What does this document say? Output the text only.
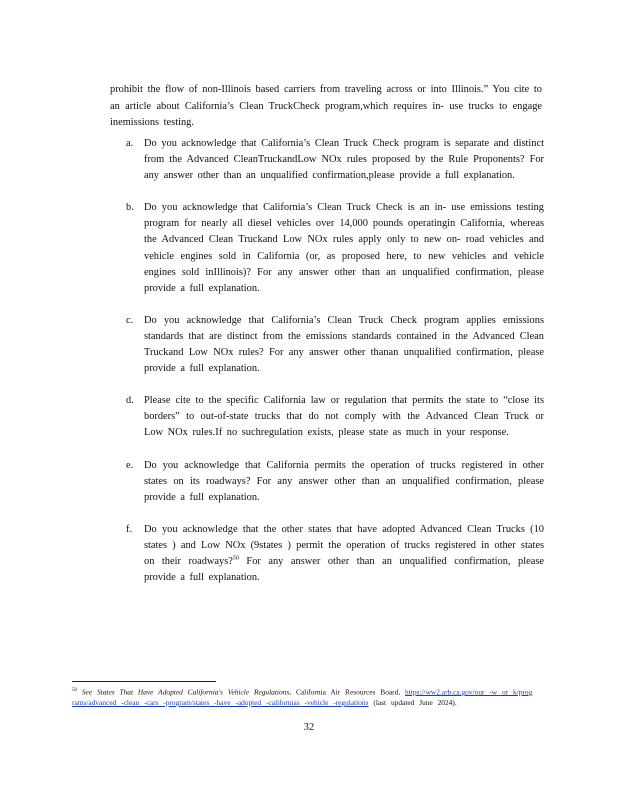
prohibit the flow of non-Illinois based carriers from traveling across or into Illinois.” You cite to an article about California’s Clean TruckCheck program,which requires in- use trucks to engage inemissions testing.

a.	Do you acknowledge that California’s Clean Truck Check program is separate and distinct from the Advanced CleanTruckandLow NOx rules proposed by the Rule Proponents? For any answer other than an unqualified confirmation,please provide a full explanation.
b. Do you acknowledge that California’s Clean Truck Check is an in- use emissions testing program for nearly all diesel vehicles over 14,000 pounds operatingin California, whereas the Advanced Clean Truckand Low NOx rules apply only to new on- road vehicles and vehicle engines sold in California (or, as proposed here, to new vehicles and vehicle engines sold inIllinois)? For any answer other than an unqualified confirmation, please provide a full explanation.
c.	Do you acknowledge that California’s Clean Truck Check program applies emissions standards that are distinct from the emissions standards contained in the Advanced Clean Truckand Low NOx rules? For any answer other thanan unqualified confirmation, please provide a full explanation.
d. Please cite to the specific California law or regulation that permits the state to “close its borders” to out-of-state trucks that do not comply with the Advanced Clean Truck or Low NOx rules.If no suchregulation exists, please state as much in your response.
e.	Do you acknowledge that California permits the operation of trucks registered in other states on its roadways? For any answer other than an unqualified confirmation, please provide a full explanation.
f.	Do you acknowledge that the other states that have adopted Advanced Clean Trucks (10 states ) and Low NOx (9states ) permit the operation of trucks registered in other states on their roadways?$^{50}$ For any answer other than an unqualified confirmation, please provide a full explanation.
$^{50}$ See States That Have Adopted California's Vehicle Regulations, California Air Resources Board, https://ww2.arb.ca.gov/our -w or k/programs/advanced -clean -cars -program/states -have -adopted -californias -vehicle -regulations (last updated June 2024).
32
